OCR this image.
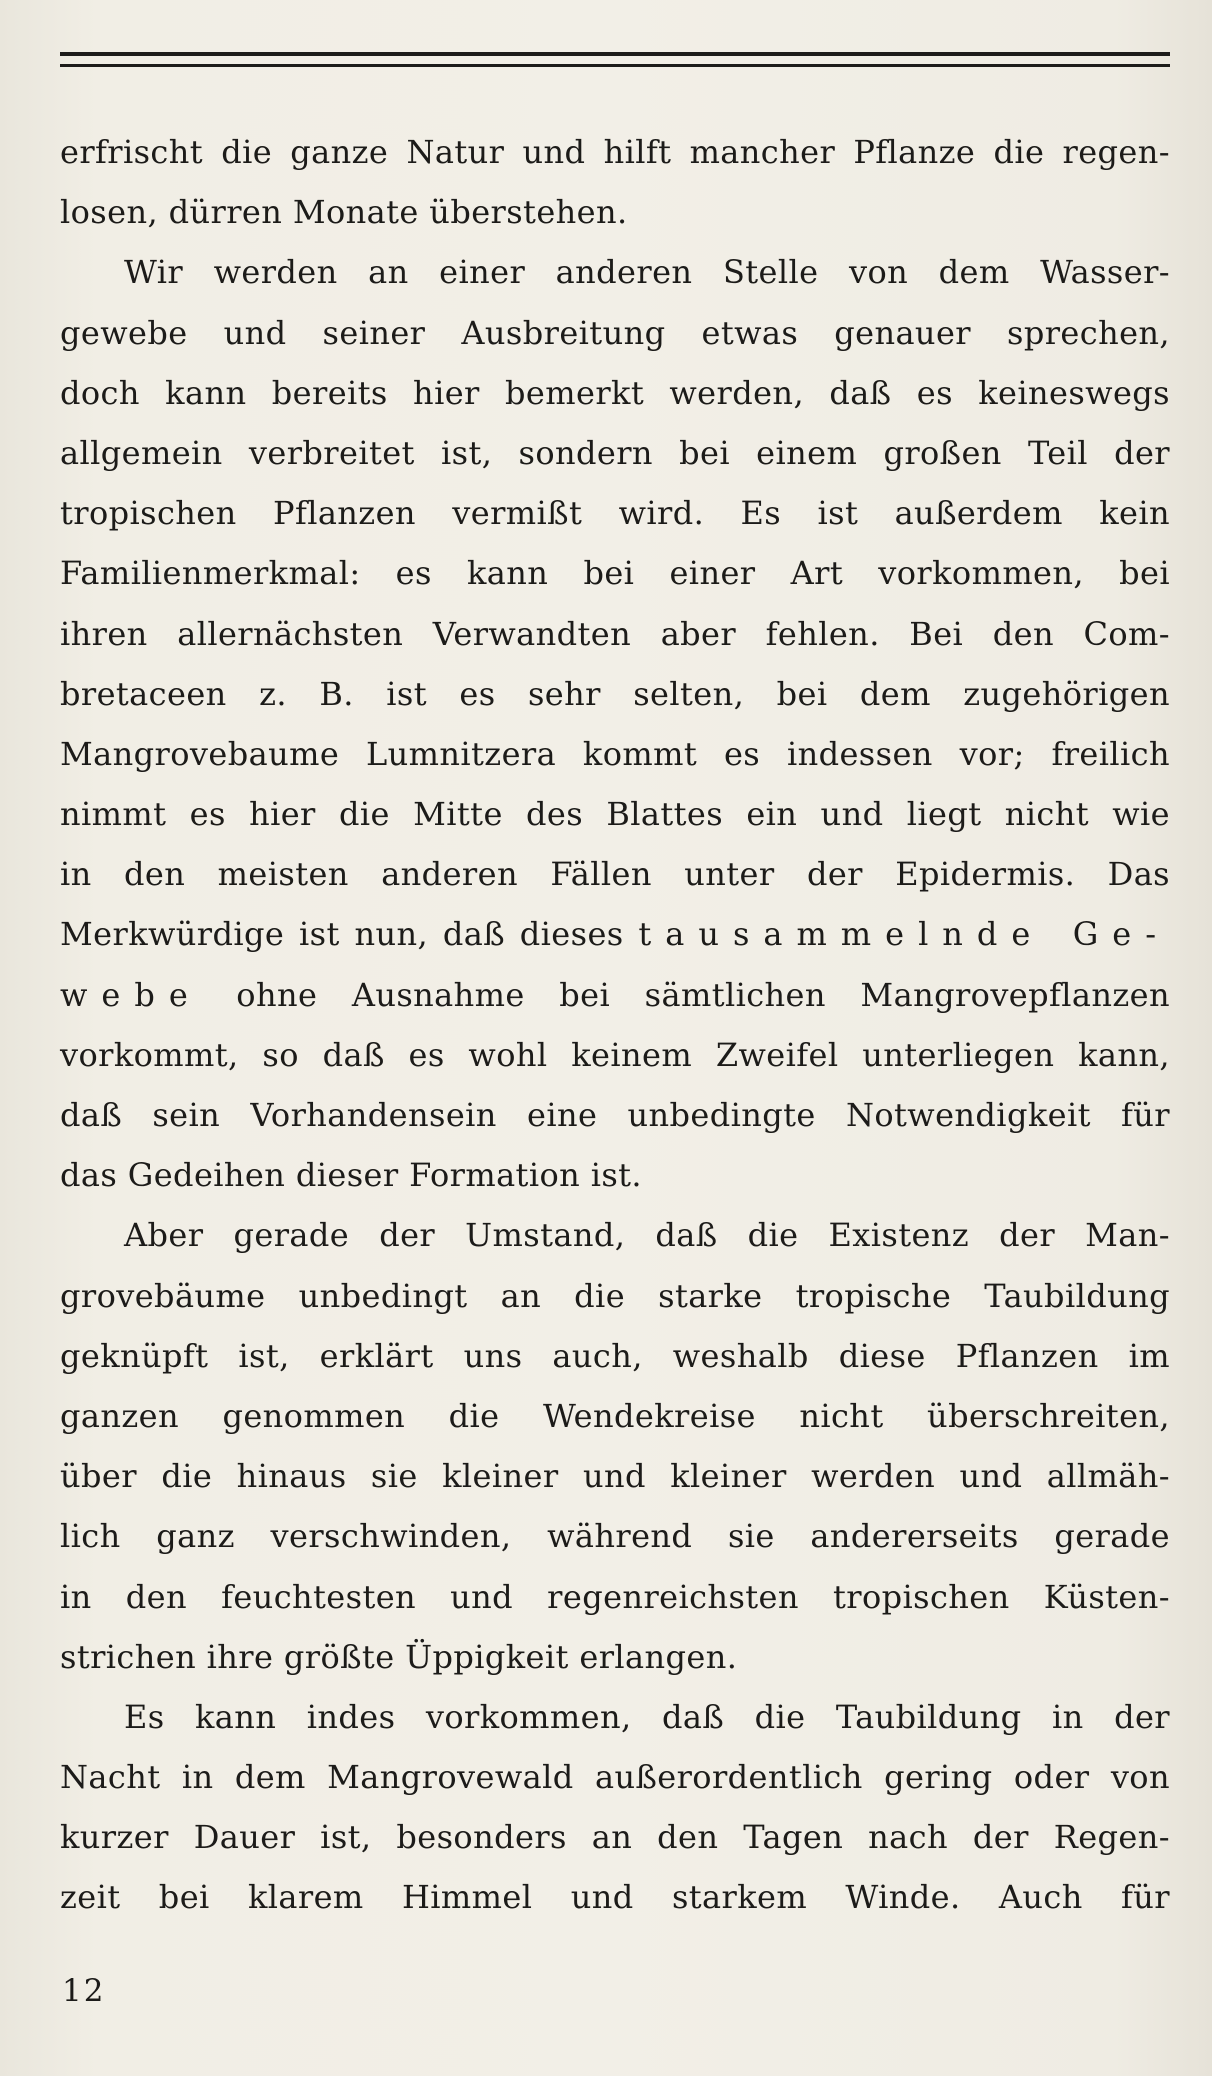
erfrischt die ganze Natur und hilft mancher Pflanze die regen-
losen, dürren Monate überstehen.

Wir werden an einer anderen Stelle von dem Wasser-
gewebe und seiner Ausbreitung etwas genauer sprechen,
doch kann bereits hier bemerkt werden, daß es keineswegs
allgemein verbreitet ist, sondern bei einem großen Teil der
tropischen Pflanzen vermißt wird. Es ist außerdem kein
Familienmerkmal: es kann bei einer Art vorkommen, bei
ihren allernächsten Verwandten aber fehlen. Bei den Com-
bretaceen z. B. ist es sehr selten, bei dem zugehörigen
Mangrovebaume Lumnitzera kommt es indessen vor; freilich
nimmt es hier die Mitte des Blattes ein und liegt nicht wie
in den meisten anderen Fällen unter der Epidermis. Das
Merkwürdige ist nun, daß dieses tausammelnde Ge-
webe ohne Ausnahme bei sämtlichen Mangrovepflanzen
vorkommt, so daß es wohl keinem Zweifel unterliegen kann,
daß sein Vorhandensein eine unbedingte Notwendigkeit für
das Gedeihen dieser Formation ist.

Aber gerade der Umstand, daß die Existenz der Man-
grovebäume unbedingt an die starke tropische Taubildung
geknüpft ist, erklärt uns auch, weshalb diese Pflanzen im
ganzen genommen die Wendekreise nicht überschreiten,
über die hinaus sie kleiner und kleiner werden und allmäh-
lich ganz verschwinden, während sie andererseits gerade
in den feuchtesten und regenreichsten tropischen Küsten-
strichen ihre größte Üppigkeit erlangen.

Es kann indes vorkommen, daß die Taubildung in der
Nacht in dem Mangrovewald außerordentlich gering oder von
kurzer Dauer ist, besonders an den Tagen nach der Regen-
zeit bei klarem Himmel und starkem Winde. Auch für

12
